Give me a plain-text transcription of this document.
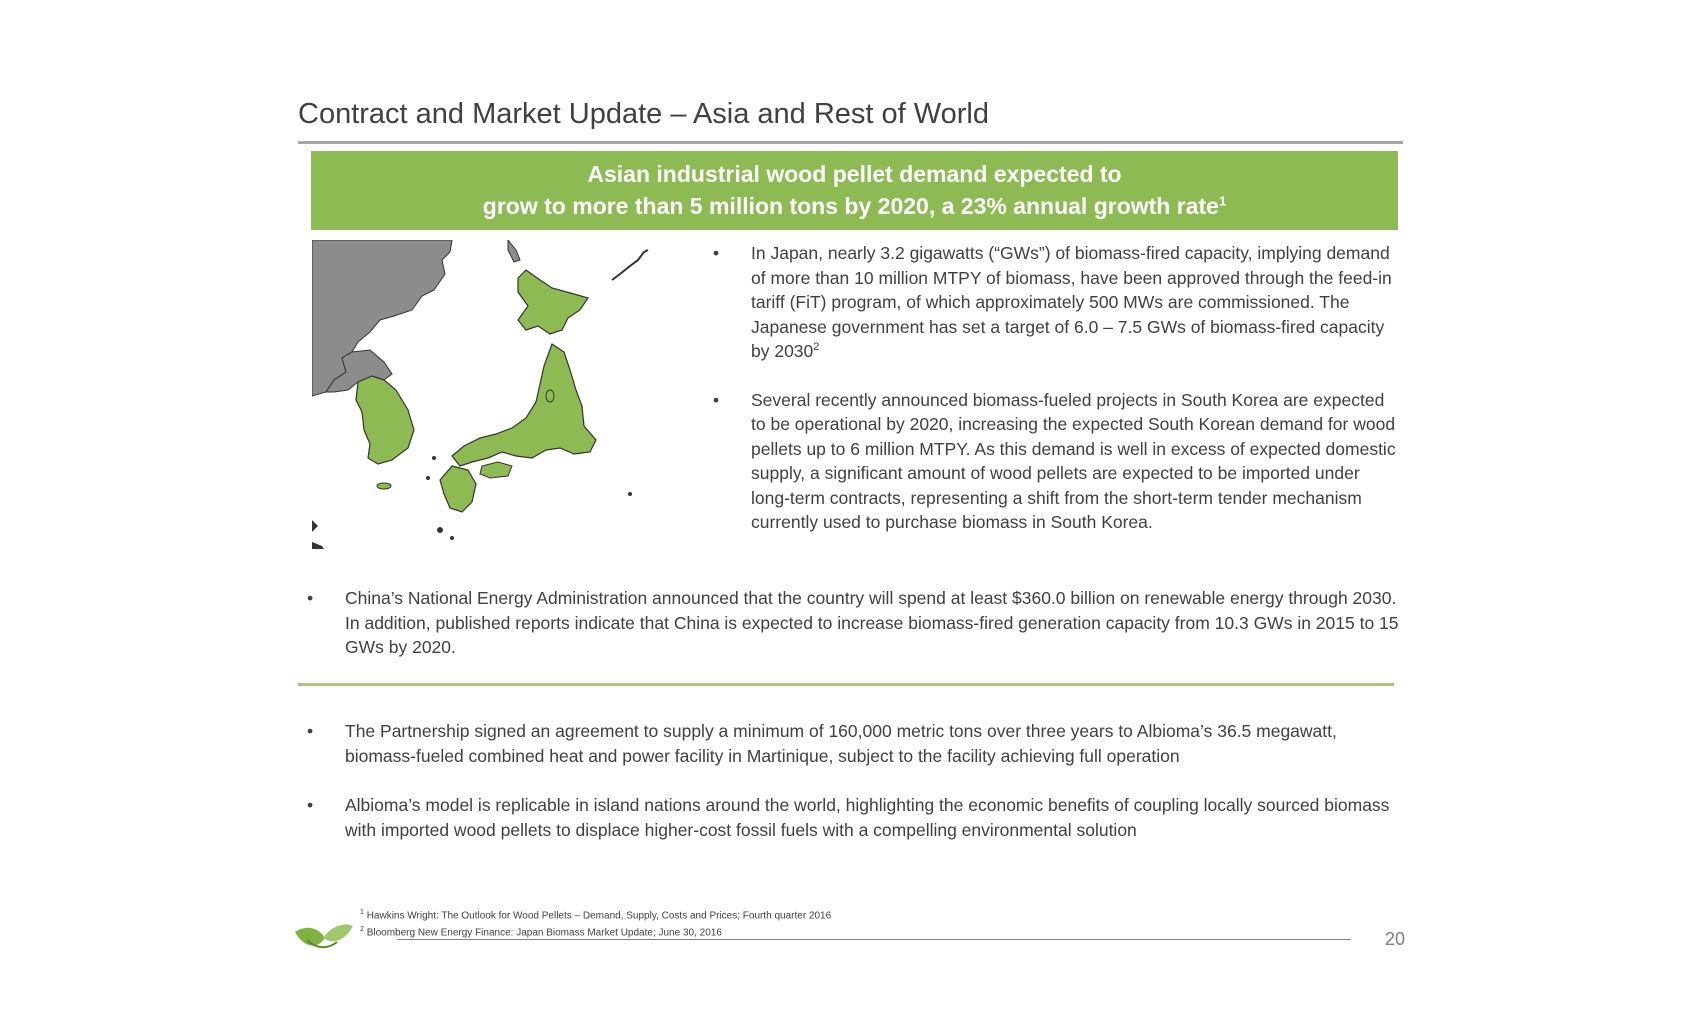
Contract and Market Update – Asia and Rest of World
Asian industrial wood pellet demand expected to
grow to more than 5 million tons by 2020, a 23% annual growth rate$^1$
• In Japan, nearly 3.2 gigawatts (“GWs”) of biomass-fired capacity, implying demand of more than 10 million MTPY of biomass, have been approved through the feed-in tariff (FiT) program, of which approximately 500 MWs are commissioned. The Japanese government has set a target of 6.0 – 7.5 GWs of biomass-fired capacity by 2030$^2$
• Several recently announced biomass-fueled projects in South Korea are expected to be operational by 2020, increasing the expected South Korean demand for wood pellets up to 6 million MTPY. As this demand is well in excess of expected domestic supply, a significant amount of wood pellets are expected to be imported under long-term contracts, representing a shift from the short-term tender mechanism currently used to purchase biomass in South Korea.
• China’s National Energy Administration announced that the country will spend at least $360.0 billion on renewable energy through 2030. In addition, published reports indicate that China is expected to increase biomass-fired generation capacity from 10.3 GWs in 2015 to 15 GWs by 2020.
• The Partnership signed an agreement to supply a minimum of 160,000 metric tons over three years to Albioma’s 36.5 megawatt, biomass-fueled combined heat and power facility in Martinique, subject to the facility achieving full operation
• Albioma’s model is replicable in island nations around the world, highlighting the economic benefits of coupling locally sourced biomass with imported wood pellets to displace higher-cost fossil fuels with a compelling environmental solution
$^1$ Hawkins Wright: The Outlook for Wood Pellets – Demand, Supply, Costs and Prices; Fourth quarter 2016
$^2$ Bloomberg New Energy Finance: Japan Biomass Market Update; June 30, 2016	20
